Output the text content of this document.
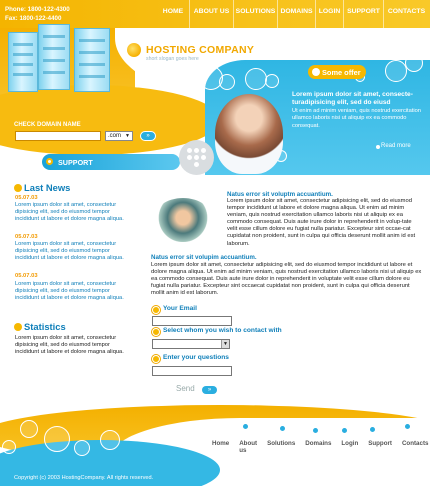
Phone: 1800-122-4300
Fax: 1800-122-4400
HOME	ABOUT US SOLUTIONS DOMAINS LOGIN SUPPORT	CONTACTS
HOSTING COMPANY
short slogan goes here
Some offer
Lorem ipsum dolor sit amet, consecte-turadipisicing elit, sed do eiusd
Ut enim ad minim veniam, quis nostrud exercitation ullamco laboris nisi ut aliquip ex ea commodo consequat.
Read more
CHECK DOMAIN NAME
.com ▼	»
SUPPORT
Last News
05.07.03
Lorem ipsum dolor sit amet, consectetur dipisicing elit, sed do eiusmod tempor incididunt ut labore et dolore magna aliqua.
05.07.03
Lorem ipsum dolor sit amet, consectetur dipisicing elit, sed do eiusmod tempor incididunt ut labore et dolore magna aliqua.
05.07.03
Lorem ipsum dolor sit amet, consectetur dipisicing elit, sed do eiusmod tempor incididunt ut labore et dolore magna aliqua.
Statistics
Lorem ipsum dolor sit amet, consectetur dipisicing elit, sed do eiusmod tempor incididunt ut labore et dolore magna aliqua.
Natus error sit voluptm accuantium.
Lorem ipsum dolor sit amet, consectetur adipisicing elit, sed do eiusmod tempor incididunt ut labore et dolore magna aliqua. Ut enim ad minim veniam, quis nostrud exercitation ullamco laboris nisi ut aliquip ex ea commodo consequat. Duis aute irure dolor in reprehenderit in volup-tate velit esse cillum dolore eu fugiat nulla pariatur. Excepteur sint occae-cat cupidatat non proident, sunt in culpa qui officia deserunt mollit anim id est laborum.
Natus error sit volupim accuantium.
Lorem ipsum dolor sit amet, consectetur adipisicing elit, sed do eiusmod tempor incididunt ut labore et dolore magna aliqua. Ut enim ad minim veniam, quis nostrud exercitation ullamco laboris nisi ut aliquip ex ea commodo consequat. Duis aute irure dolor in reprehenderit in voluptate velit esse cillum dolore eu fugiat nulla pariatur. Excepteur sint occaecat cupidatat non proident, sunt in culpa qui officia deserunt mollit anim id est laborum.
Your Email
Select whom you wish to contact with
▼
Enter your questions
Send	»
Home	About us
Solutions	Domains	Login	Support	Contacts
Copyright (c) 2003 HostingCompany. All rights reserved.
